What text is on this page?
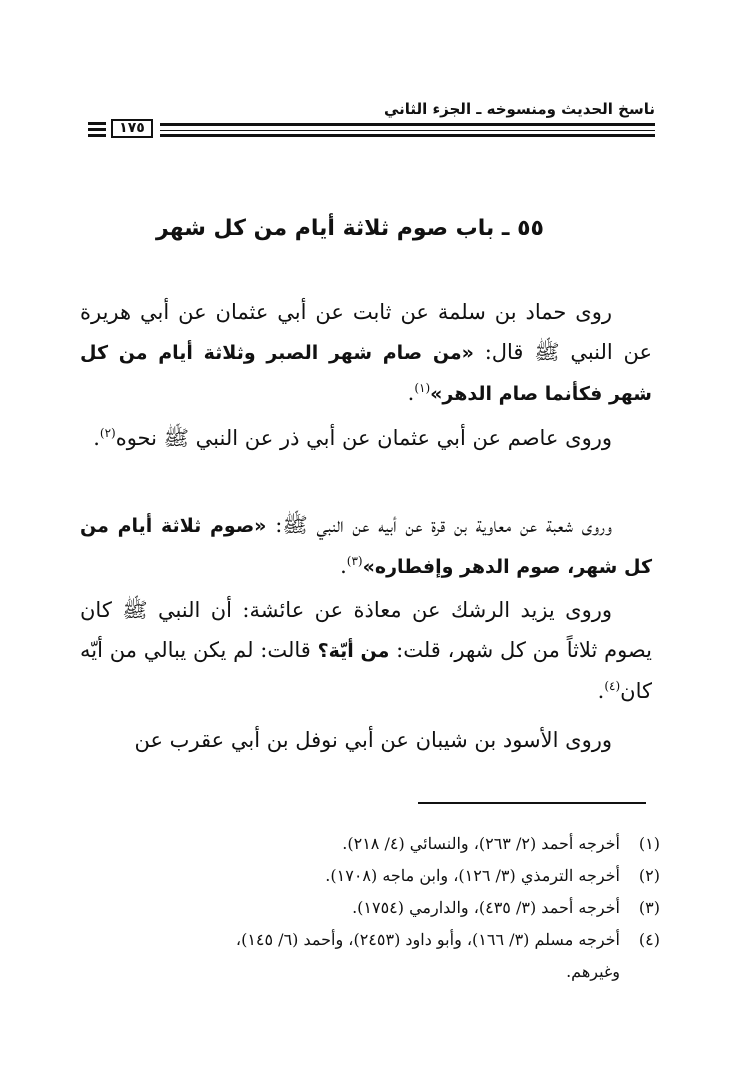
ناسخ الحديث ومنسوخه ـ الجزء الثاني
١٧٥
٥٥ ـ باب صوم ثلاثة أيام من كل شهر

روى حماد بن سلمة عن ثابت عن أبي عثمان عن أبي هريرة عن النبي ﷺ قال: «من صام شهر الصبر وثلاثة أيام من كل شهر فكأنما صام الدهر»$^{(١)}$.

وروى عاصم عن أبي عثمان عن أبي ذر عن النبي ﷺ نحوه$^{(٢)}$.

وروى شعبة عن معاوية بن قرة عن أبيه عن النبي ﷺ: «صوم ثلاثة أيام من كل شهر، صوم الدهر وإفطاره»$^{(٣)}$.

وروى يزيد الرشك عن معاذة عن عائشة: أن النبي ﷺ كان يصوم ثلاثاً من كل شهر، قلت: من أيّة؟ قالت: لم يكن يبالي من أيّه كان$^{(٤)}$.

وروى الأسود بن شيبان عن أبي نوفل بن أبي عقرب عن

(١)
أخرجه أحمد (٢/ ٢٦٣)، والنسائي (٤/ ٢١٨).
(٢)
أخرجه الترمذي (٣/ ١٢٦)، وابن ماجه (١٧٠٨).
(٣)
أخرجه أحمد (٣/ ٤٣٥)، والدارمي (١٧٥٤).
(٤)
أخرجه مسلم (٣/ ١٦٦)، وأبو داود (٢٤٥٣)، وأحمد (٦/ ١٤٥)،
وغيرهم.
